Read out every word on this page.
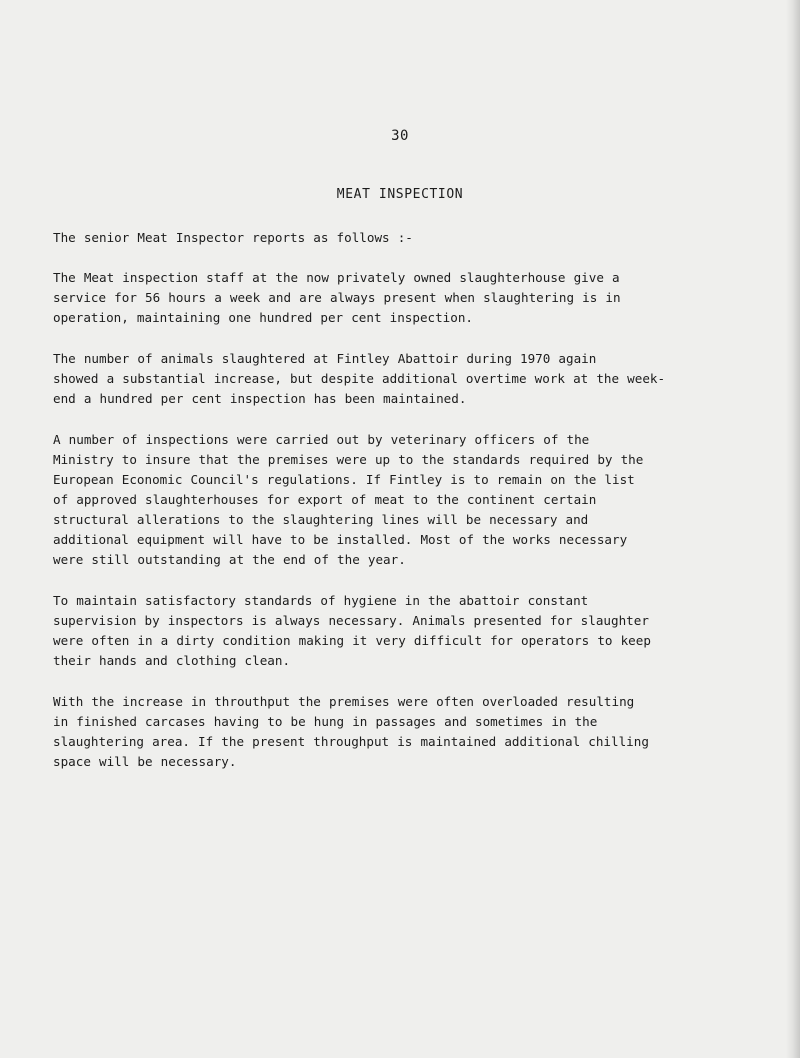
30
MEAT INSPECTION

The senior Meat Inspector reports as follows :-

The Meat inspection staff at the now privately owned slaughterhouse give a
service for 56 hours a week and are always present when slaughtering is in
operation, maintaining one hundred per cent inspection.

The number of animals slaughtered at Fintley Abattoir during 1970 again
showed a substantial increase, but despite additional overtime work at the week-
end a hundred per cent inspection has been maintained.

A number of inspections were carried out by veterinary officers of the
Ministry to insure that the premises were up to the standards required by the
European Economic Council's regulations. If Fintley is to remain on the list
of approved slaughterhouses for export of meat to the continent certain
structural allerations to the slaughtering lines will be necessary and
additional equipment will have to be installed. Most of the works necessary
were still outstanding at the end of the year.

To maintain satisfactory standards of hygiene in the abattoir constant
supervision by inspectors is always necessary. Animals presented for slaughter
were often in a dirty condition making it very difficult for operators to keep
their hands and clothing clean.

With the increase in throuthput the premises were often overloaded resulting
in finished carcases having to be hung in passages and sometimes in the
slaughtering area. If the present throughput is maintained additional chilling
space will be necessary.
